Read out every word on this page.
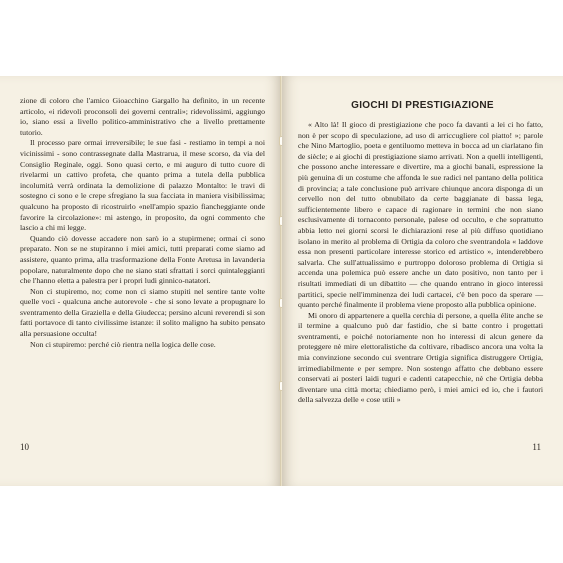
zione di coloro che l'amico Gioacchino Gargallo ha definito, in un recente articolo, «i ridevoli proconsoli dei governi centrali»; ridevolissimi, aggiungo io, siano essi a livello politico-amministrativo che a livello prettamente tutorio.

Il processo pare ormai irreversibile; le sue fasi - restiamo in tempi a noi vicinissimi - sono contrassegnate dalla Mastrarua, il mese scorso, da via del Consiglio Reginale, oggi. Sono quasi certo, e mi auguro di tutto cuore di rivelarmi un cattivo profeta, che quanto prima a tutela della pubblica incolumità verrà ordinata la demolizione di palazzo Montalto: le travi di sostegno ci sono e le crepe sfregiano la sua facciata in maniera visibilissima; qualcuno ha proposto di ricostruirlo «nell'ampio spazio fiancheggiante onde favorire la circolazione»: mi astengo, in proposito, da ogni commento che lascio a chi mi legge.

Quando ciò dovesse accadere non sarò io a stupirmene; ormai ci sono preparato. Non se ne stupiranno i miei amici, tutti preparati come siamo ad assistere, quanto prima, alla trasformazione della Fonte Aretusa in lavanderia popolare, naturalmente dopo che ne siano stati sfrattati i sorci quintaleggianti che l'hanno eletta a palestra per i propri ludi ginnico-natatori.

Non ci stupiremo, no; come non ci siamo stupiti nel sentire tante volte quelle voci - qualcuna anche autorevole - che si sono levate a propugnare lo sventramento della Graziella e della Giudecca; persino alcuni reverendi si son fatti portavoce di tanto civilissime istanze: il solito maligno ha subito pensato alla persuasione occulta!

Non ci stupiremo: perché ciò rientra nella logica delle cose.

10
GIOCHI DI PRESTIGIAZIONE

« Alto là! Il gioco di prestigiazione che poco fa davanti a lei ci ho fatto, non è per scopo di speculazione, ad uso di arriccugliere col piatto! »; parole che Nino Martoglio, poeta e gentiluomo metteva in bocca ad un ciarlatano fin de siècle; e ai giochi di prestigiazione siamo arrivati. Non a quelli intelligenti, che possono anche interessare e divertire, ma a giochi banali, espressione la più genuina di un costume che affonda le sue radici nel pantano della politica di provincia; a tale conclusione può arrivare chiunque ancora disponga di un cervello non del tutto obnubilato da certe baggianate di bassa lega, sufficientemente libero e capace di ragionare in termini che non siano esclusivamente di tornaconto personale, palese od occulto, e che soprattutto abbia letto nei giorni scorsi le dichiarazioni rese al più diffuso quotidiano isolano in merito al problema di Ortigia da coloro che sventrandola « laddove essa non presenti particolare interesse storico ed artistico », intenderebbero salvarla. Che sull'attualissimo e purtroppo doloroso problema di Ortigia si accenda una polemica può essere anche un dato positivo, non tanto per i risultati immediati di un dibattito — che quando entrano in gioco interessi partitici, specie nell'imminenza dei ludi cartacei, c'è ben poco da sperare — quanto perché finalmente il problema viene proposto alla pubblica opinione.

Mi onoro di appartenere a quella cerchia di persone, a quella élite anche se il termine a qualcuno può dar fastidio, che si batte contro i progettati sventramenti, e poiché notoriamente non ho interessi di alcun genere da proteggere nè mire elettoralistiche da coltivare, ribadisco ancora una volta la mia convinzione secondo cui sventrare Ortigia significa distruggere Ortigia, irrimediabilmente e per sempre. Non sostengo affatto che debbano essere conservati ai posteri laidi tuguri e cadenti catapecchie, nè che Ortigia debba diventare una città morta; chiediamo però, i miei amici ed io, che i fautori della salvezza delle « cose utili »

11
